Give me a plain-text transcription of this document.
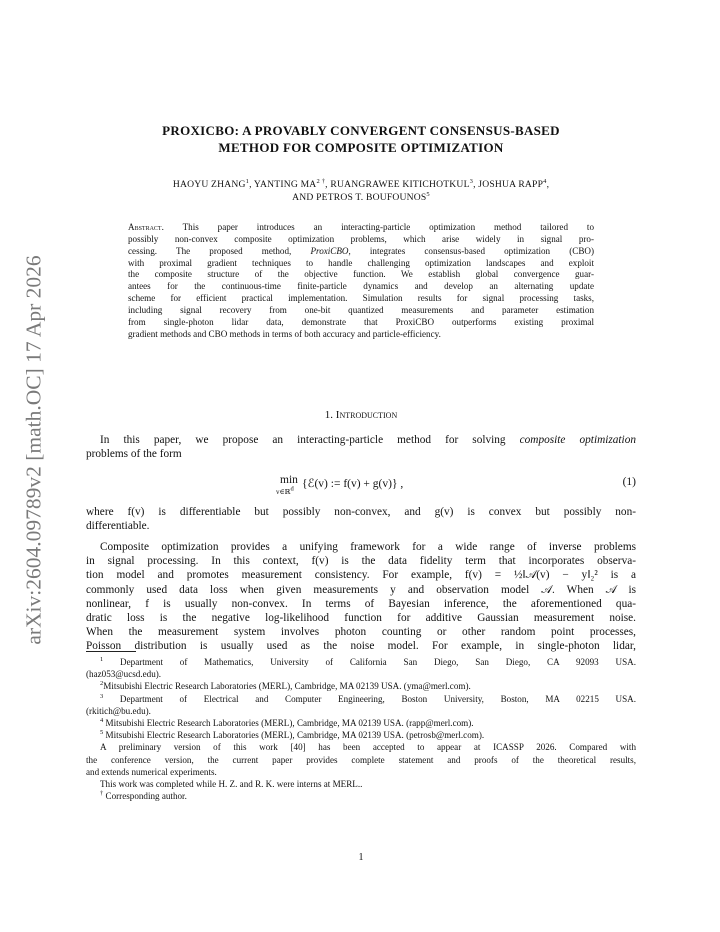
arXiv:2604.09789v2 [math.OC] 17 Apr 2026
PROXICBO: A PROVABLY CONVERGENT CONSENSUS-BASED
METHOD FOR COMPOSITE OPTIMIZATION
HAOYU ZHANG$^1$, YANTING $MA^{2 \dagger}$, RUANGRAWEE KITICHOTKUL$^3$, JOSHUA RAPP$^4$,
AND PETROS T. BOUFOUNOS$^5$
Abstract. This paper introduces an interacting-particle optimization method tailored to
possibly non-convex composite optimization problems, which arise widely in signal pro-
cessing. The proposed method, ProxiCBO, integrates consensus-based optimization (CBO)
with proximal gradient techniques to handle challenging optimization landscapes and exploit
the composite structure of the objective function. We establish global convergence guar-
antees for the continuous-time finite-particle dynamics and develop an alternating update
scheme for efficient practical implementation. Simulation results for signal processing tasks,
including signal recovery from one-bit quantized measurements and parameter estimation
from single-photon lidar data, demonstrate that ProxiCBO outperforms existing proximal
gradient methods and CBO methods in terms of both accuracy and particle-efficiency.
1. Introduction
In this paper, we propose an interacting-particle method for solving composite optimization
problems of the form
min
v∈ℝ$^d$ {ℰ(v) := f(v) + g(v)} ,	(1)
where f(v) is differentiable but possibly non-convex, and g(v) is convex but possibly non-
differentiable.
Composite optimization provides a unifying framework for a wide range of inverse problems
in signal processing. In this context, f(v) is the data fidelity term that incorporates observa-
tion model and promotes measurement consistency. For example, f(v) = ½‖𝒜(v) − y‖₂² is a
commonly used data loss when given measurements y and observation model 𝒜. When 𝒜 is
nonlinear, f is usually non-convex. In terms of Bayesian inference, the aforementioned qua-
dratic loss is the negative log-likelihood function for additive Gaussian measurement noise.
When the measurement system involves photon counting or other random point processes,
Poisson distribution is usually used as the noise model. For example, in single-photon lidar,
$^1$ Department of Mathematics, University of California San Diego, San Diego, CA 92093 USA.
(haz053@ucsd.edu).
$^2$Mitsubishi Electric Research Laboratories (MERL), Cambridge, MA 02139 USA. (yma@merl.com).
$^3$ Department of Electrical and Computer Engineering, Boston University, Boston, MA 02215 USA.
(rkitich@bu.edu).
$^4$ Mitsubishi Electric Research Laboratories (MERL), Cambridge, MA 02139 USA. (rapp@merl.com).
$^5$ Mitsubishi Electric Research Laboratories (MERL), Cambridge, MA 02139 USA. (petrosb@merl.com).
A preliminary version of this work [40] has been accepted to appear at ICASSP 2026. Compared with
the conference version, the current paper provides complete statement and proofs of the theoretical results,
and extends numerical experiments.
This work was completed while H. Z. and R. K. were interns at MERL..
† Corresponding author.
1
